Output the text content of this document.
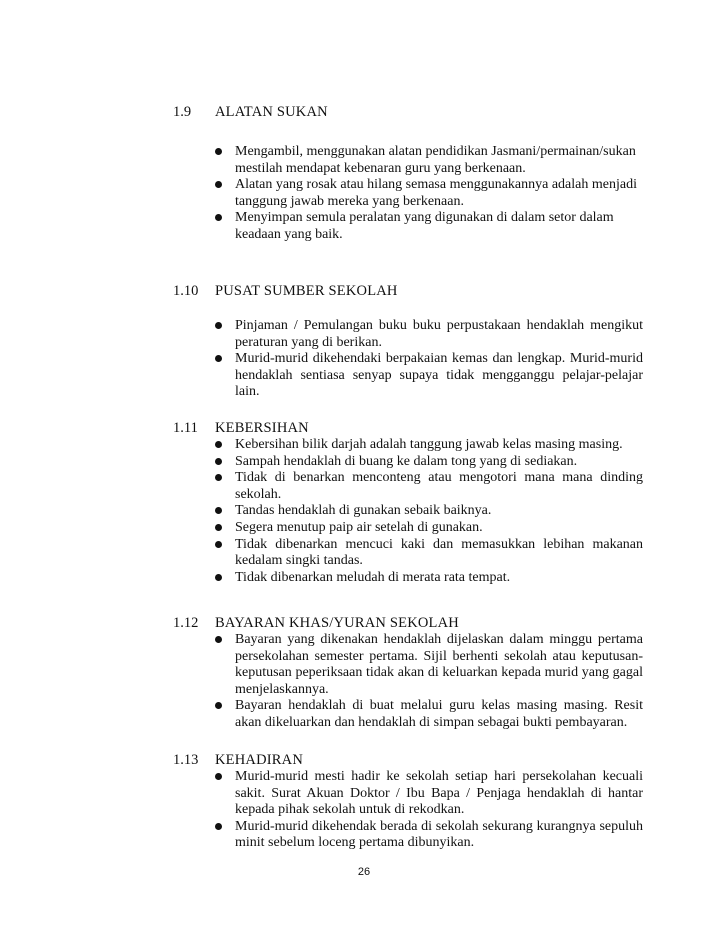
1.9 ALATAN SUKAN
Mengambil, menggunakan alatan pendidikan Jasmani/permainan/sukan mestilah mendapat kebenaran guru yang berkenaan.
Alatan yang rosak atau hilang semasa menggunakannya adalah menjadi tanggung jawab mereka yang berkenaan.
Menyimpan semula peralatan yang digunakan di dalam setor dalam keadaan yang baik.
1.10 PUSAT SUMBER SEKOLAH
Pinjaman / Pemulangan buku buku perpustakaan hendaklah mengikut peraturan yang di berikan.
Murid-murid dikehendaki berpakaian kemas dan lengkap. Murid-murid hendaklah sentiasa senyap supaya tidak mengganggu pelajar-pelajar lain.
1.11 KEBERSIHAN
Kebersihan bilik darjah adalah tanggung jawab kelas masing masing.
Sampah hendaklah di buang ke dalam tong yang di sediakan.
Tidak di benarkan menconteng atau mengotori mana mana dinding sekolah.
Tandas hendaklah di gunakan sebaik baiknya.
Segera menutup paip air setelah di gunakan.
Tidak dibenarkan mencuci kaki dan memasukkan lebihan makanan kedalam singki tandas.
Tidak dibenarkan meludah di merata rata tempat.
1.12 BAYARAN KHAS/YURAN SEKOLAH
Bayaran yang dikenakan hendaklah dijelaskan dalam minggu pertama persekolahan semester pertama. Sijil berhenti sekolah atau keputusan-keputusan peperiksaan tidak akan di keluarkan kepada murid yang gagal menjelaskannya.
Bayaran hendaklah di buat melalui guru kelas masing masing. Resit akan dikeluarkan dan hendaklah di simpan sebagai bukti pembayaran.
1.13 KEHADIRAN
Murid-murid mesti hadir ke sekolah setiap hari persekolahan kecuali sakit. Surat Akuan Doktor / Ibu Bapa / Penjaga hendaklah di hantar kepada pihak sekolah untuk di rekodkan.
Murid-murid dikehendak berada di sekolah sekurang kurangnya sepuluh minit sebelum loceng pertama dibunyikan.
26
